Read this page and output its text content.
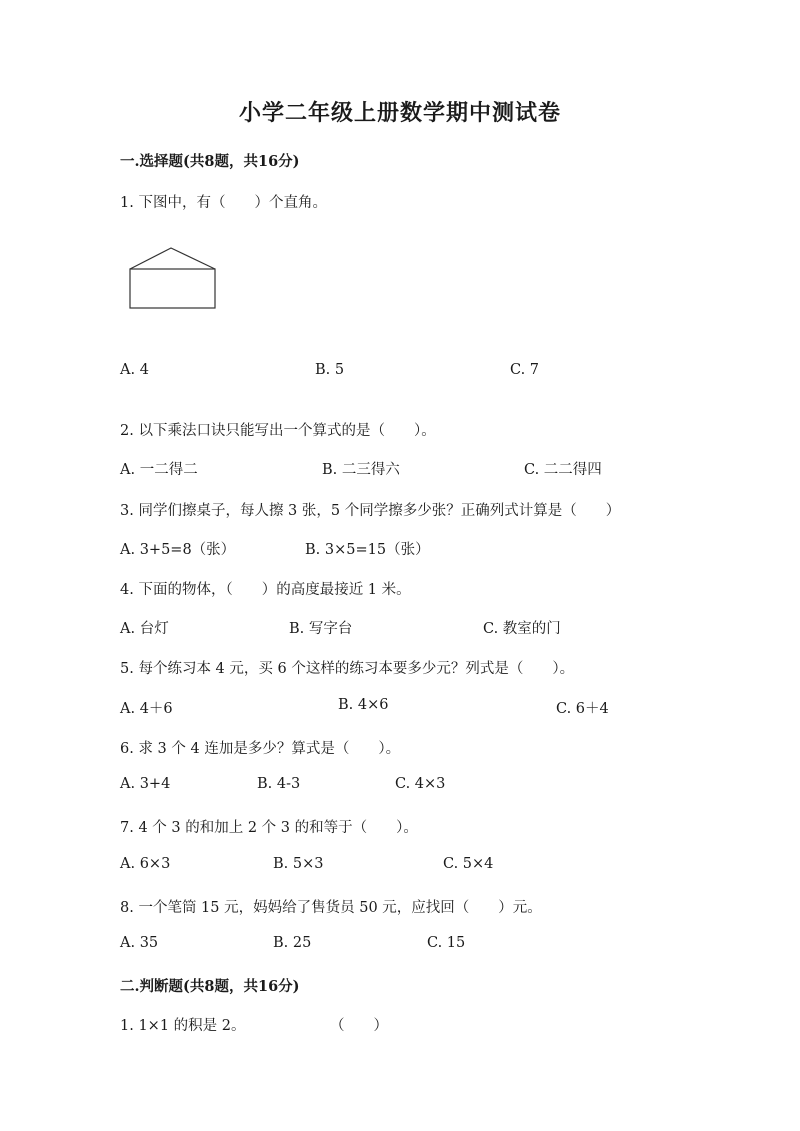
小学二年级上册数学期中测试卷
一.选择题(共8题，共16分)
1. 下图中，有（　　）个直角。
A. 4	B. 5	C. 7
2. 以下乘法口诀只能写出一个算式的是（　　）。
A. 一二得二	B. 二三得六	C. 二二得四
3. 同学们擦桌子，每人擦 3 张，5 个同学擦多少张？正确列式计算是（　　）
A. 3+5=8（张）	B. 3×5=15（张）
4. 下面的物体，（　　）的高度最接近 1 米。
A. 台灯	B. 写字台	C. 教室的门
5. 每个练习本 4 元，买 6 个这样的练习本要多少元？列式是（　　）。
A. 4＋6	B. 4×6	C. 6＋4
6. 求 3 个 4 连加是多少？算式是（　　）。
A. 3+4	B. 4-3	C. 4×3
7. 4 个 3 的和加上 2 个 3 的和等于（　　）。
A. 6×3	B. 5×3	C. 5×4
8. 一个笔筒 15 元，妈妈给了售货员 50 元，应找回（　　）元。
A. 35	B. 25	C. 15
二.判断题(共8题，共16分)
1. 1×1 的积是 2。	（　　）
